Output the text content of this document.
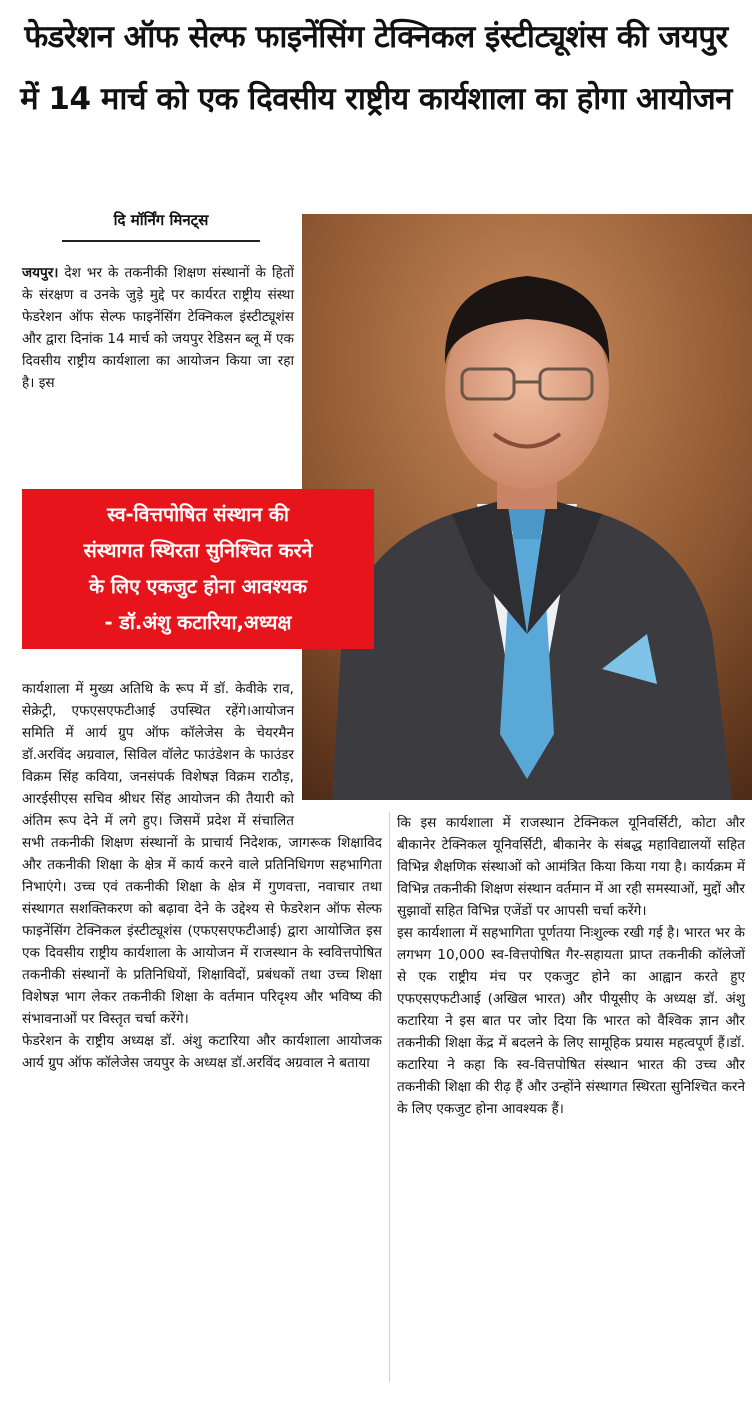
फेडरेशन ऑफ सेल्फ फाइनेंसिंग टेक्निकल इंस्टीट्यूशंस की जयपुर
में 14 मार्च को एक दिवसीय राष्ट्रीय कार्यशाला का होगा आयोजन
दि मॉर्निंग मिनट्स

जयपुर। देश भर के तकनीकी शिक्षण संस्थानों के हितों के संरक्षण व उनके जुड़े मुद्दे पर कार्यरत राष्ट्रीय संस्था फेडरेशन ऑफ सेल्फ फाइनेंसिंग टेक्निकल इंस्टीट्यूशंस और द्वारा दिनांक 14 मार्च को जयपुर रेडिसन ब्लू में एक दिवसीय राष्ट्रीय कार्यशाला का आयोजन किया जा रहा है। इस

स्व-वित्तपोषित संस्थान की
संस्थागत स्थिरता सुनिश्चित करने
के लिए एकजुट होना आवश्यक
- डॉ.अंशु कटारिया,अध्यक्ष

कार्यशाला में मुख्य अतिथि के रूप में डॉ. केवीके राव, सेक्रेट्री, एफएसएफटीआई उपस्थित रहेंगे।आयोजन समिति में आर्य ग्रुप ऑफ कॉलेजेस के चेयरमैन डॉ.अरविंद अग्रवाल, सिविल वॉलेट फाउंडेशन के फाउंडर विक्रम सिंह कविया, जनसंपर्क विशेषज्ञ विक्रम राठौड़, आरईसीएस सचिव श्रीधर सिंह आयोजन की तैयारी को अंतिम रूप देने में लगे हुए। जिसमें प्रदेश में संचालित सभी तकनीकी शिक्षण संस्थानों के प्राचार्य निदेशक, जागरूक शिक्षाविद और तकनीकी शिक्षा के क्षेत्र में कार्य करने वाले प्रतिनिधिगण सहभागिता निभाएंगे। उच्च एवं तकनीकी शिक्षा के क्षेत्र में गुणवत्ता, नवाचार तथा संस्थागत सशक्तिकरण को बढ़ावा देने के उद्देश्य से फेडरेशन ऑफ सेल्फ फाइनेंसिंग टेक्निकल इंस्टीट्यूशंस (एफएसएफटीआई) द्वारा आयोजित इस एक दिवसीय राष्ट्रीय कार्यशाला के आयोजन में राजस्थान के स्ववित्तपोषित तकनीकी संस्थानों के प्रतिनिधियों, शिक्षाविदों, प्रबंधकों तथा उच्च शिक्षा विशेषज्ञ भाग लेकर तकनीकी शिक्षा के वर्तमान परिदृश्य और भविष्य की संभावनाओं पर विस्तृत चर्चा करेंगे।

फेडरेशन के राष्ट्रीय अध्यक्ष डॉ. अंशु कटारिया और कार्यशाला आयोजक आर्य ग्रुप ऑफ कॉलेजेस जयपुर के अध्यक्ष डॉ.अरविंद अग्रवाल ने बताया

कि इस कार्यशाला में राजस्थान टेक्निकल यूनिवर्सिटी, कोटा और बीकानेर टेक्निकल यूनिवर्सिटी, बीकानेर के संबद्ध महाविद्यालयों सहित विभिन्न शैक्षणिक संस्थाओं को आमंत्रित किया किया गया है। कार्यक्रम में विभिन्न तकनीकी शिक्षण संस्थान वर्तमान में आ रही समस्याओं, मुद्दों और सुझावों सहित विभिन्न एजेंडों पर आपसी चर्चा करेंगे।

इस कार्यशाला में सहभागिता पूर्णतया निःशुल्क रखी गई है। भारत भर के लगभग 10,000 स्व-वित्तपोषित गैर-सहायता प्राप्त तकनीकी कॉलेजों से एक राष्ट्रीय मंच पर एकजुट होने का आह्वान करते हुए एफएसएफटीआई (अखिल भारत) और पीयूसीए के अध्यक्ष डॉ. अंशु कटारिया ने इस बात पर जोर दिया कि भारत को वैश्विक ज्ञान और तकनीकी शिक्षा केंद्र में बदलने के लिए सामूहिक प्रयास महत्वपूर्ण हैं।डॉ. कटारिया ने कहा कि स्व-वित्तपोषित संस्थान भारत की उच्च और तकनीकी शिक्षा की रीढ़ हैं और उन्होंने संस्थागत स्थिरता सुनिश्चित करने के लिए एकजुट होना आवश्यक हैं।
